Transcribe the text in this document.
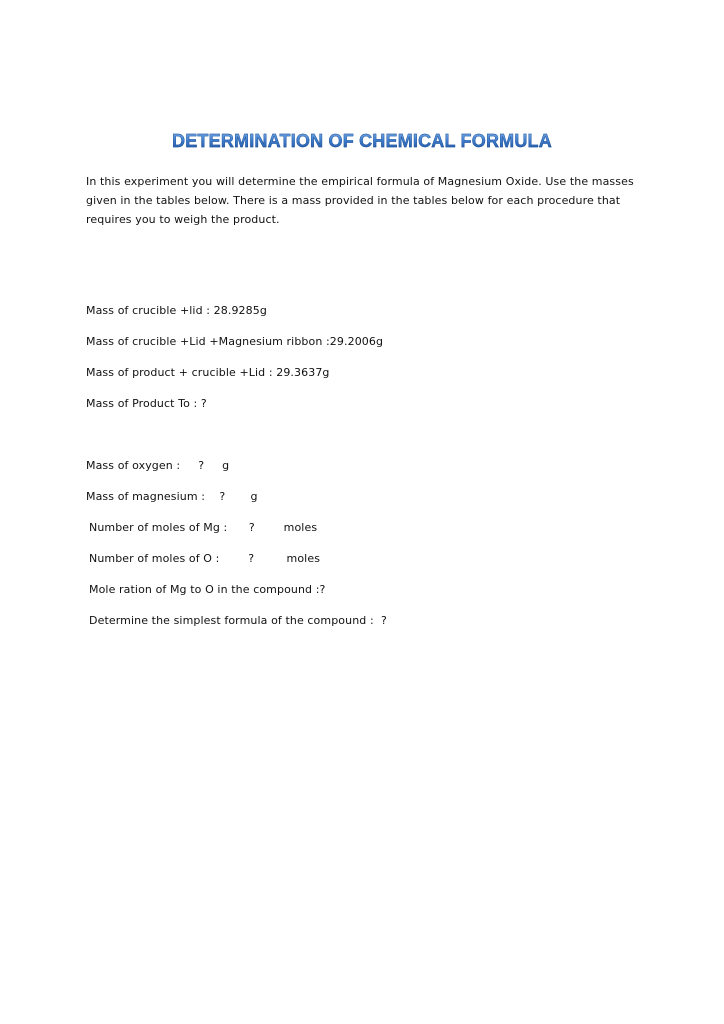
DETERMINATION OF CHEMICAL FORMULA

In this experiment you will determine the empirical formula of Magnesium Oxide. Use the masses given in the tables below. There is a mass provided in the tables below for each procedure that requires you to weigh the product.

Mass of crucible +lid : 28.9285g

Mass of crucible +Lid +Magnesium ribbon :29.2006g

Mass of product + crucible +Lid : 29.3637g

Mass of Product To : ?

Mass of oxygen :     ?     g

Mass of magnesium :    ?       g

Number of moles of Mg :      ?        moles

Number of moles of O :        ?         moles

Mole ration of Mg to O in the compound :?

Determine the simplest formula of the compound :  ?
